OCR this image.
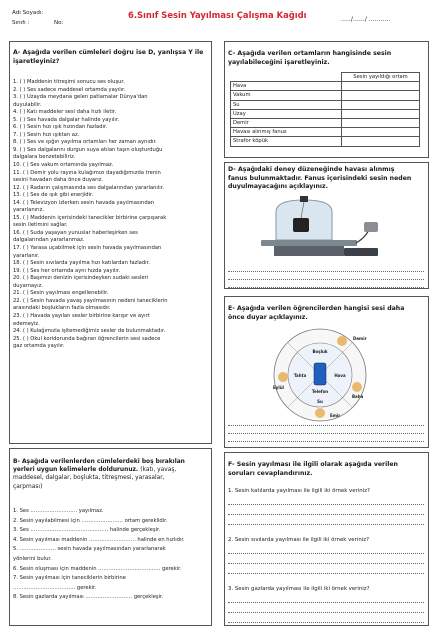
Adı Soyadı:
Sınıfı :	No:
6.Sınıf Sesin Yayılması Çalışma Kağıdı	…../……/ ………..
A- Aşağıda verilen cümleleri doğru ise D, yanlışsa Y ile
işaretleyiniz?
1. ( ) Maddenin titreşimi sonucu ses oluşur.
2. ( ) Ses sadece maddesel ortamda yayılır.
3. ( ) Uzayda meydana gelen patlamalar Dünya'dan
duyulabilir.
4. ( ) Katı maddeler sesi daha hızlı iletir.
5. ( ) Ses havada dalgalar halinde yayılır.
6. ( ) Sesin hızı ışık hızından fazladır.
7. ( ) Sesin hızı ışıktan az.
8. ( ) Ses ve ışığın yayılma ortamları her zaman aynıdır.
9. ( ) Ses dalgalarını durgun suya atılan taşın oluşturduğu
dalgalara benzetebiliriz.
10. ( ) Ses vakum ortamında yayılmaz.
11. ( ) Demir yolu rayına kulağımızı dayadığımızda trenin
sesini havadan daha önce duyarız.
12. ( ) Radarın çalışmasında ses dalgalarından yararlanılır.
13. ( ) Ses de ışık gibi enerjidir.
14. ( ) Televizyon izlerken sesin havada yayılmasından
yararlanırız.
15. ( ) Maddenin içerisindeki tanecikler birbirine çarpışarak
sesin iletimini sağlar.
16. ( ) Suda yaşayan yunuslar haberleşirken ses
dalgalarından yararlanmaz.
17. ( ) Yarasa uçabilmek için sesin havada yayılmasından
yararlanır.
18. ( ) Sesin sıvılarda yayılma hızı katılardan fazladır.
19. ( ) Ses her ortamda aynı hızda yayılır.
20. ( ) Başımızı denizin içerisindeyken sudaki sesleri
duyamayız.
21. ( ) Sesin yayılması engellenebilir.
22. ( ) Sesin havada yavaş yayılmasının nedeni taneciklerin
arasındaki boşlukların fazla olmasıdır.
23. ( ) Havada yayılan sesler birbirine karışır ve ayırt
edemeyiz.
24. ( ) Kulağımızla işitemediğimiz sesler de bulunmaktadır.
25. ( ) Okul koridorunda bağıran öğrencilerin sesi sadece
gaz ortamda yayılır.
B- Aşağıda verilenlerden cümlelerdeki boş bırakılan
yerleri uygun kelimelerle doldurunuz. (katı, yavaş,
maddesel, dalgalar, boşlukta, titreşmesi, yarasalar,
çarpması)
1. Ses ……………………… yayılmaz.
2. Sesin yayılabilmesi için …………………… ortam gereklidir.
3. Ses ……………………………………… halinde gerçekleşir.
4. Sesin yayılması maddenin ……………………… halinde en hızlıdır.
5. ………………… sesin havada yayılmasından yararlanarak
yönlerini bulur.
6. Sesin oluşması için maddenin ……………………………… gerekir.
7. Sesin yayılması için taneciklerin birbirine
……………………………… gerekir.
8. Sesin gazlarda yayılması ……………………… gerçekleşir.
C- Aşağıda verilen ortamların hangisinde sesin
yayılabileceğini işaretleyiniz.
	Sesin yayıldığı ortam
Hava	
Vakum	
Su	
Uzay	
Demir	
Havası alınmış fanus	
Strafor köpük	
D- Aşağıdaki deney düzeneğinde havası alınmış
fanus bulunmaktadır. Fanus içerisindeki sesin neden
duyulmayacağını açıklayınız.
E- Aşağıda verilen öğrencilerden hangisi sesi daha
önce duyar açıklayınız.
Telefon
Boşluk
Su
Tahta	Hava
Demir
Baha
Eylül
Emir
F- Sesin yayılması ile ilgili olarak aşağıda verilen
soruları cevaplandırınız.
1. Sesin katılarda yayılması ile ilgili iki örnek veriniz?
2. Sesin sıvılarda yayılması ile ilgili iki örnek veriniz?
3. Sesin gazlarda yayılması ile ilgili iki örnek veriniz?
